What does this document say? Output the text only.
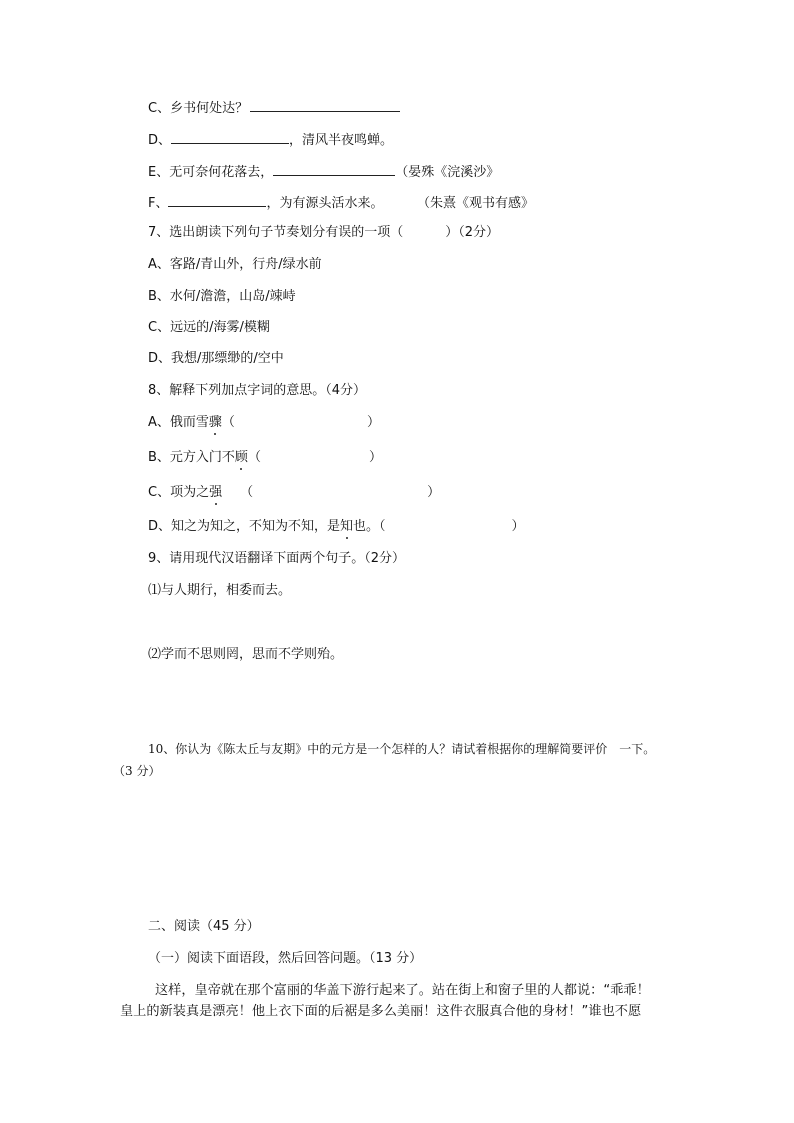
C、乡书何处达？
D、	，清风半夜鸣蝉。
E、无可奈何花落去，	（晏殊《浣溪沙》
F、	，为有源头活水来。	（朱熹《观书有感》
7、选出朗读下列句子节奏划分有误的一项（	）（2分）
A、客路/青山外，行舟/绿水前
B、水何/澹澹，山岛/竦峙
C、远远的/海雾/模糊
D、我想/那缥缈的/空中
8、解释下列加点字词的意思。（4分）
A、俄而雪骤（	）
B、元方入门不顾（	）
C、项为之强 （	）
D、知之为知之，不知为不知，是知也。（	）
9、请用现代汉语翻译下面两个句子。（2分）
⑴与人期行，相委而去。
⑵学而不思则罔，思而不学则殆。
10、你认为《陈太丘与友期》中的元方是一个怎样的人？请试着根据你的理解简要评价　一下。
（3 分）
二、阅读（45 分）
（一）阅读下面语段，然后回答问题。（13 分）
这样，皇帝就在那个富丽的华盖下游行起来了。站在街上和窗子里的人都说：“乖乖！
皇上的新装真是漂亮！他上衣下面的后裾是多么美丽！这件衣服真合他的身材！”谁也不愿
